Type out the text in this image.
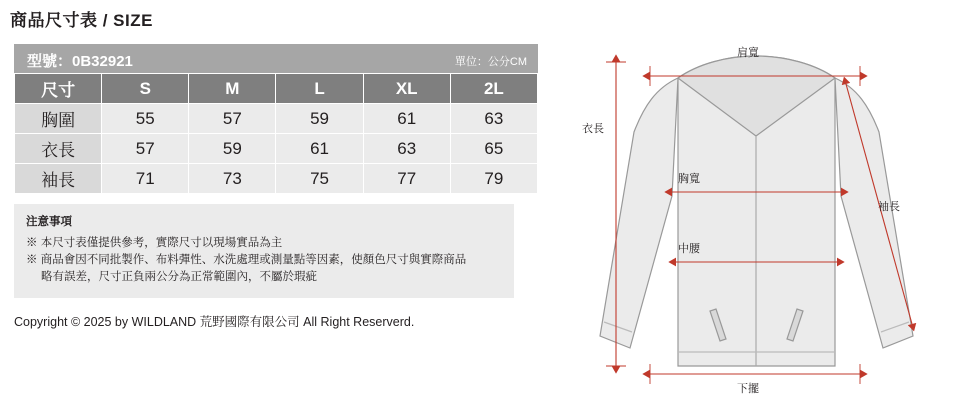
商品尺寸表 / SIZE
型號：0B32921	單位：公分CM
尺寸	S	M	L	XL	2L
胸圍	55	57	59	61	63
衣長	57	59	61	63	65
袖長	71	73	75	77	79
注意事項
※ 本尺寸表僅提供參考，實際尺寸以現場實品為主
※ 商品會因不同批製作、布料彈性、水洗處理或測量點等因素，使顏色尺寸與實際商品
略有誤差，尺寸正負兩公分為正常範圍內，不屬於瑕疵
Copyright © 2025 by WILDLAND 荒野國際有限公司 All Right Reserverd.
肩寬
衣長
胸寬
中腰
袖長
下擺
